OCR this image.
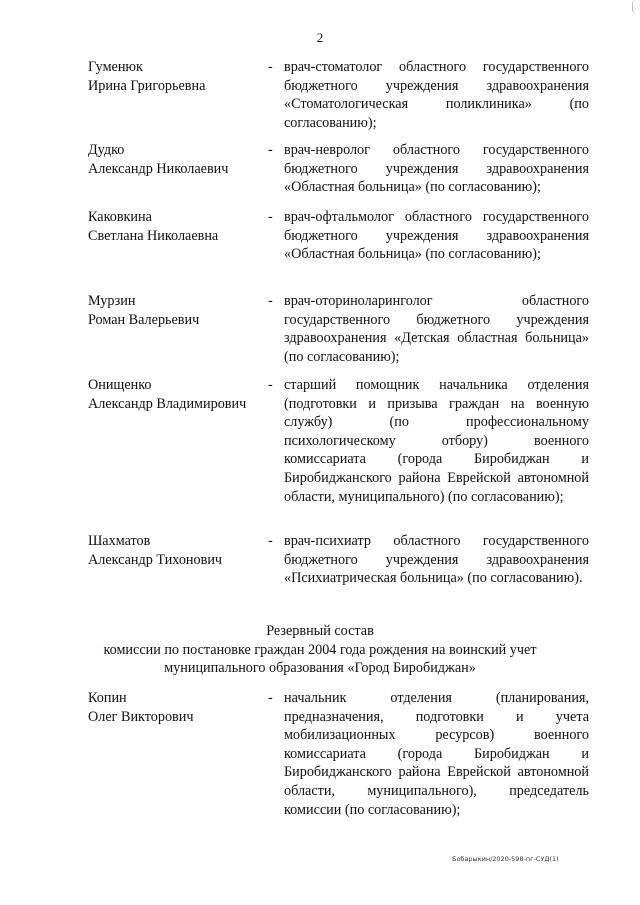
2
Гуменюк
Ирина Григорьевна
- врач-стоматолог областного государственного бюджетного учреждения здравоохранения «Стоматологическая поликлиника» (по согласованию);
Дудко
Александр Николаевич
- врач-невролог областного государственного бюджетного учреждения здравоохранения «Областная больница» (по согласованию);
Каковкина
Светлана Николаевна
- врач-офтальмолог областного государственного бюджетного учреждения здравоохранения «Областная больница» (по согласованию);
Мурзин
Роман Валерьевич
- врач-оториноларинголог областного государственного бюджетного учреждения здравоохранения «Детская областная больница» (по согласованию);
Онищенко
Александр Владимирович
- старший помощник начальника отделения (подготовки и призыва граждан на военную службу) (по профессиональному психологическому отбору) военного комиссариата (города Биробиджан и Биробиджанского района Еврейской автономной области, муниципального) (по согласованию);
Шахматов
Александр Тихонович
- врач-психиатр областного государственного бюджетного учреждения здравоохранения «Психиатрическая больница» (по согласованию).
Резервный состав
комиссии по постановке граждан 2004 года рождения на воинский учет
муниципального образования «Город Биробиджан»
Копин
Олег Викторович
- начальник отделения (планирования, предназначения, подготовки и учета мобилизационных ресурсов) военного комиссариата (города Биробиджан и Биробиджанского района Еврейской автономной области, муниципального), председатель комиссии (по согласованию);
Бобарыкин/2020-598-пг-СУД(1)
